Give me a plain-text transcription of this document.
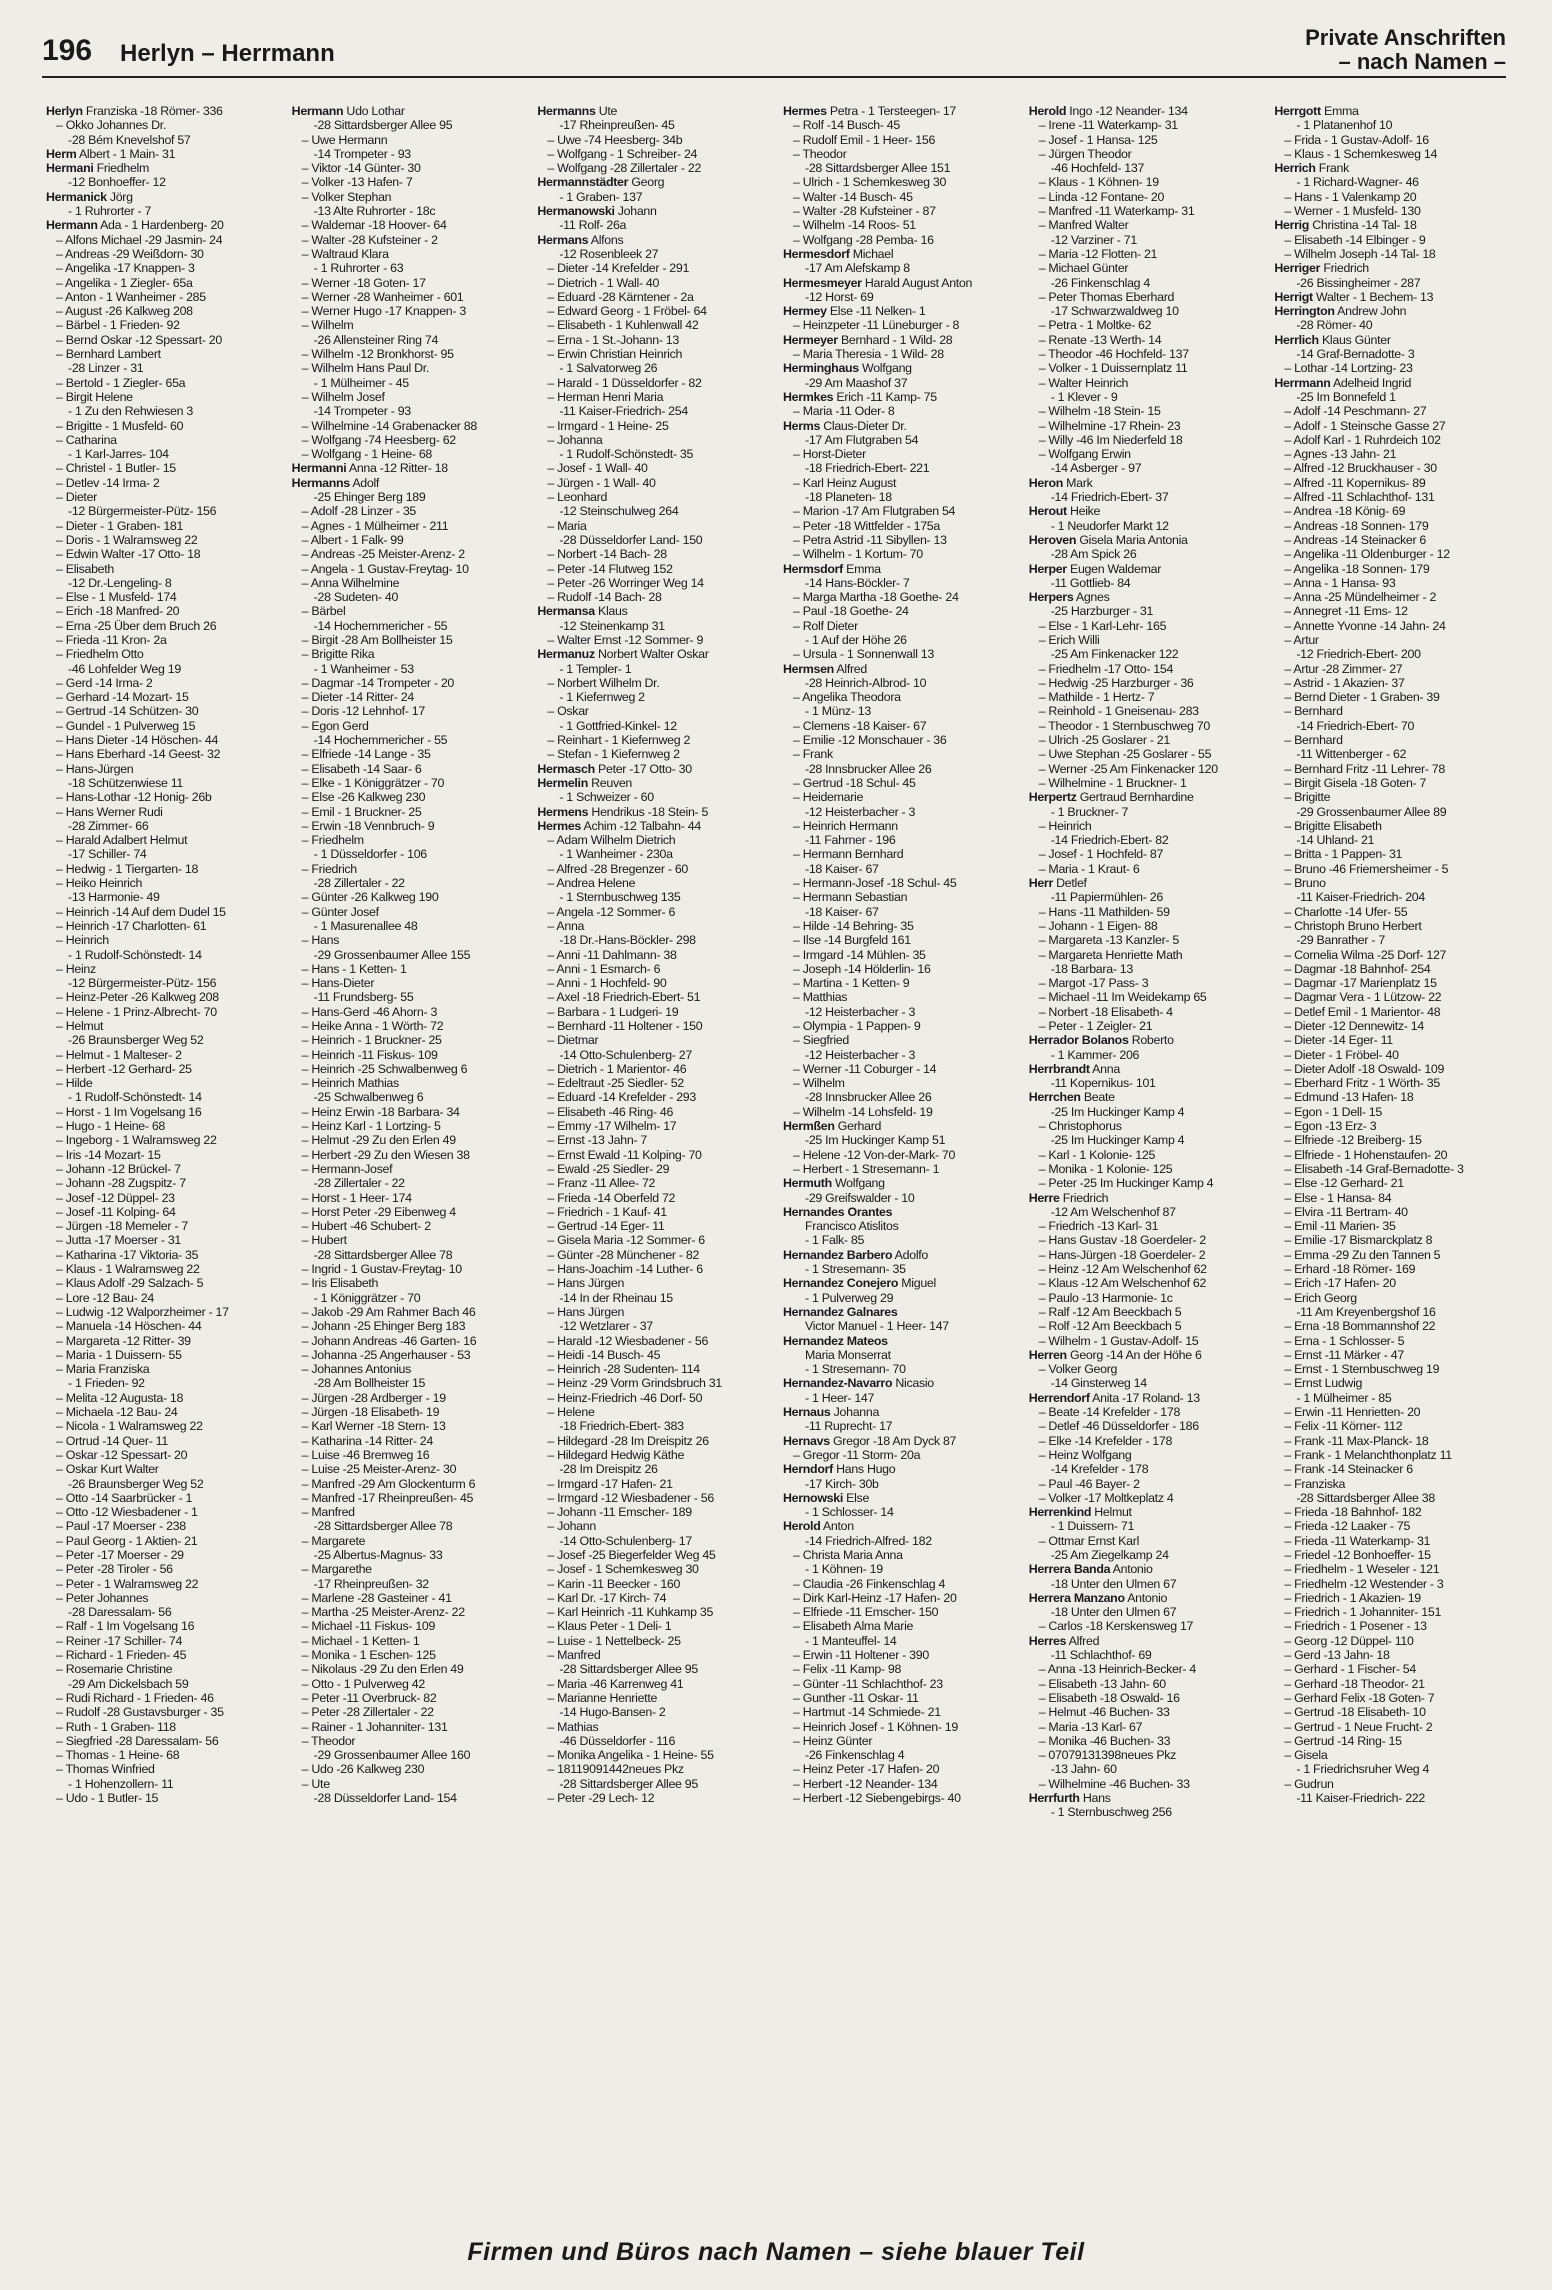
196 Herlyn – Herrmann
Private Anschriften
– nach Namen –
Herlyn Franziska -18 Römer- 336
– Okko Johannes Dr.
-28 Bém Knevelshof 57
Herm Albert - 1 Main- 31
Hermani Friedhelm
-12 Bonhoeffer- 12
Hermanick Jörg
- 1 Ruhrorter - 7
Hermann Ada - 1 Hardenberg- 20
– Alfons Michael -29 Jasmin- 24
– Andreas -29 Weißdorn- 30
– Angelika -17 Knappen- 3
– Angelika - 1 Ziegler- 65a
– Anton - 1 Wanheimer - 285
– August -26 Kalkweg 208
– Bärbel - 1 Frieden- 92
– Bernd Oskar -12 Spessart- 20
– Bernhard Lambert
-28 Linzer - 31
– Bertold - 1 Ziegler- 65a
– Birgit Helene
- 1 Zu den Rehwiesen 3
– Brigitte - 1 Musfeld- 60
– Catharina
- 1 Karl-Jarres- 104
– Christel - 1 Butler- 15
– Detlev -14 Irma- 2
– Dieter
-12 Bürgermeister-Pütz- 156
– Dieter - 1 Graben- 181
– Doris - 1 Walramsweg 22
– Edwin Walter -17 Otto- 18
– Elisabeth
-12 Dr.-Lengeling- 8
– Else - 1 Musfeld- 174
– Erich -18 Manfred- 20
– Erna -25 Über dem Bruch 26
– Frieda -11 Kron- 2a
– Friedhelm Otto
-46 Lohfelder Weg 19
– Gerd -14 Irma- 2
– Gerhard -14 Mozart- 15
– Gertrud -14 Schützen- 30
– Gundel - 1 Pulverweg 15
– Hans Dieter -14 Höschen- 44
– Hans Eberhard -14 Geest- 32
– Hans-Jürgen
-18 Schützenwiese 11
– Hans-Lothar -12 Honig- 26b
– Hans Werner Rudi
-28 Zimmer- 66
– Harald Adalbert Helmut
-17 Schiller- 74
– Hedwig - 1 Tiergarten- 18
– Heiko Heinrich
-13 Harmonie- 49
– Heinrich -14 Auf dem Dudel 15
– Heinrich -17 Charlotten- 61
– Heinrich
- 1 Rudolf-Schönstedt- 14
– Heinz
-12 Bürgermeister-Pütz- 156
– Heinz-Peter -26 Kalkweg 208
– Helene - 1 Prinz-Albrecht- 70
– Helmut
-26 Braunsberger Weg 52
– Helmut - 1 Malteser- 2
– Herbert -12 Gerhard- 25
– Hilde
- 1 Rudolf-Schönstedt- 14
– Horst - 1 Im Vogelsang 16
– Hugo - 1 Heine- 68
– Ingeborg - 1 Walramsweg 22
– Iris -14 Mozart- 15
– Johann -12 Brückel- 7
– Johann -28 Zugspitz- 7
– Josef -12 Düppel- 23
– Josef -11 Kolping- 64
– Jürgen -18 Memeler - 7
– Jutta -17 Moerser - 31
– Katharina -17 Viktoria- 35
– Klaus - 1 Walramsweg 22
– Klaus Adolf -29 Salzach- 5
– Lore -12 Bau- 24
– Ludwig -12 Walporzheimer - 17
– Manuela -14 Höschen- 44
– Margareta -12 Ritter- 39
– Maria - 1 Duissern- 55
– Maria Franziska
- 1 Frieden- 92
– Melita -12 Augusta- 18
– Michaela -12 Bau- 24
– Nicola - 1 Walramsweg 22
– Ortrud -14 Quer- 11
– Oskar -12 Spessart- 20
– Oskar Kurt Walter
-26 Braunsberger Weg 52
– Otto -14 Saarbrücker - 1
– Otto -12 Wiesbadener - 1
– Paul -17 Moerser - 238
– Paul Georg - 1 Aktien- 21
– Peter -17 Moerser - 29
– Peter -28 Tiroler - 56
– Peter - 1 Walramsweg 22
– Peter Johannes
-28 Daressalam- 56
– Ralf - 1 Im Vogelsang 16
– Reiner -17 Schiller- 74
– Richard - 1 Frieden- 45
– Rosemarie Christine
-29 Am Dickelsbach 59
– Rudi Richard - 1 Frieden- 46
– Rudolf -28 Gustavsburger - 35
– Ruth - 1 Graben- 118
– Siegfried -28 Daressalam- 56
– Thomas - 1 Heine- 68
– Thomas Winfried
- 1 Hohenzollern- 11
– Udo - 1 Butler- 15
Hermann Udo Lothar
-28 Sittardsberger Allee 95
– Uwe Hermann
-14 Trompeter - 93
– Viktor -14 Günter- 30
– Volker -13 Hafen- 7
– Volker Stephan
-13 Alte Ruhrorter - 18c
– Waldemar -18 Hoover- 64
– Walter -28 Kufsteiner - 2
– Waltraud Klara
- 1 Ruhrorter - 63
– Werner -18 Goten- 17
– Werner -28 Wanheimer - 601
– Werner Hugo -17 Knappen- 3
– Wilhelm
-26 Allensteiner Ring 74
– Wilhelm -12 Bronkhorst- 95
– Wilhelm Hans Paul Dr.
- 1 Mülheimer - 45
– Wilhelm Josef
-14 Trompeter - 93
– Wilhelmine -14 Grabenacker 88
– Wolfgang -74 Heesberg- 62
– Wolfgang - 1 Heine- 68
Hermanni Anna -12 Ritter- 18
Hermanns Adolf
-25 Ehinger Berg 189
– Adolf -28 Linzer - 35
– Agnes - 1 Mülheimer - 211
– Albert - 1 Falk- 99
– Andreas -25 Meister-Arenz- 2
– Angela - 1 Gustav-Freytag- 10
– Anna Wilhelmine
-28 Sudeten- 40
– Bärbel
-14 Hochemmericher - 55
– Birgit -28 Am Bollheister 15
– Brigitte Rika
- 1 Wanheimer - 53
– Dagmar -14 Trompeter - 20
– Dieter -14 Ritter- 24
– Doris -12 Lehnhof- 17
– Egon Gerd
-14 Hochemmericher - 55
– Elfriede -14 Lange - 35
– Elisabeth -14 Saar- 6
– Elke - 1 Königgrätzer - 70
– Else -26 Kalkweg 230
– Emil - 1 Bruckner- 25
– Erwin -18 Vennbruch- 9
– Friedhelm
- 1 Düsseldorfer - 106
– Friedrich
-28 Zillertaler - 22
– Günter -26 Kalkweg 190
– Günter Josef
- 1 Masurenallee 48
– Hans
-29 Grossenbaumer Allee 155
– Hans - 1 Ketten- 1
– Hans-Dieter
-11 Frundsberg- 55
– Hans-Gerd -46 Ahorn- 3
– Heike Anna - 1 Wörth- 72
– Heinrich - 1 Bruckner- 25
– Heinrich -11 Fiskus- 109
– Heinrich -25 Schwalbenweg 6
– Heinrich Mathias
-25 Schwalbenweg 6
– Heinz Erwin -18 Barbara- 34
– Heinz Karl - 1 Lortzing- 5
– Helmut -29 Zu den Erlen 49
– Herbert -29 Zu den Wiesen 38
– Hermann-Josef
-28 Zillertaler - 22
– Horst - 1 Heer- 174
– Horst Peter -29 Eibenweg 4
– Hubert -46 Schubert- 2
– Hubert
-28 Sittardsberger Allee 78
– Ingrid - 1 Gustav-Freytag- 10
– Iris Elisabeth
- 1 Königgrätzer - 70
– Jakob -29 Am Rahmer Bach 46
– Johann -25 Ehinger Berg 183
– Johann Andreas -46 Garten- 16
– Johanna -25 Angerhauser - 53
– Johannes Antonius
-28 Am Bollheister 15
– Jürgen -28 Ardberger - 19
– Jürgen -18 Elisabeth- 19
– Karl Werner -18 Stern- 13
– Katharina -14 Ritter- 24
– Luise -46 Bremweg 16
– Luise -25 Meister-Arenz- 30
– Manfred -29 Am Glockenturm 6
– Manfred -17 Rheinpreußen- 45
– Manfred
-28 Sittardsberger Allee 78
– Margarete
-25 Albertus-Magnus- 33
– Margarethe
-17 Rheinpreußen- 32
– Marlene -28 Gasteiner - 41
– Martha -25 Meister-Arenz- 22
– Michael -11 Fiskus- 109
– Michael - 1 Ketten- 1
– Monika - 1 Eschen- 125
– Nikolaus -29 Zu den Erlen 49
– Otto - 1 Pulverweg 42
– Peter -11 Overbruck- 82
– Peter -28 Zillertaler - 22
– Rainer - 1 Johanniter- 131
– Theodor
-29 Grossenbaumer Allee 160
– Udo -26 Kalkweg 230
– Ute
-28 Düsseldorfer Land- 154
Hermanns Ute
-17 Rheinpreußen- 45
– Uwe -74 Heesberg- 34b
– Wolfgang - 1 Schreiber- 24
– Wolfgang -28 Zillertaler - 22
Hermannstädter Georg
- 1 Graben- 137
Hermanowski Johann
-11 Rolf- 26a
Hermans Alfons
-12 Rosenbleek 27
– Dieter -14 Krefelder - 291
– Dietrich - 1 Wall- 40
– Eduard -28 Kärntener - 2a
– Edward Georg - 1 Fröbel- 64
– Elisabeth - 1 Kuhlenwall 42
– Erna - 1 St.-Johann- 13
– Erwin Christian Heinrich
- 1 Salvatorweg 26
– Harald - 1 Düsseldorfer - 82
– Herman Henri Maria
-11 Kaiser-Friedrich- 254
– Irmgard - 1 Heine- 25
– Johanna
- 1 Rudolf-Schönstedt- 35
– Josef - 1 Wall- 40
– Jürgen - 1 Wall- 40
– Leonhard
-12 Steinschulweg 264
– Maria
-28 Düsseldorfer Land- 150
– Norbert -14 Bach- 28
– Peter -14 Flutweg 152
– Peter -26 Worringer Weg 14
– Rudolf -14 Bach- 28
Hermansa Klaus
-12 Steinenkamp 31
– Walter Ernst -12 Sommer- 9
Hermanuz Norbert Walter Oskar
- 1 Templer- 1
– Norbert Wilhelm Dr.
- 1 Kiefernweg 2
– Oskar
- 1 Gottfried-Kinkel- 12
– Reinhart - 1 Kiefernweg 2
– Stefan - 1 Kiefernweg 2
Hermasch Peter -17 Otto- 30
Hermelin Reuven
- 1 Schweizer - 60
Hermens Hendrikus -18 Stein- 5
Hermes Achim -12 Talbahn- 44
– Adam Wilhelm Dietrich
- 1 Wanheimer - 230a
– Alfred -28 Bregenzer - 60
– Andrea Helene
- 1 Sternbuschweg 135
– Angela -12 Sommer- 6
– Anna
-18 Dr.-Hans-Böckler- 298
– Anni -11 Dahlmann- 38
– Anni - 1 Esmarch- 6
– Anni - 1 Hochfeld- 90
– Axel -18 Friedrich-Ebert- 51
– Barbara - 1 Ludgeri- 19
– Bernhard -11 Holtener - 150
– Dietmar
-14 Otto-Schulenberg- 27
– Dietrich - 1 Marientor- 46
– Edeltraut -25 Siedler- 52
– Eduard -14 Krefelder - 293
– Elisabeth -46 Ring- 46
– Emmy -17 Wilhelm- 17
– Ernst -13 Jahn- 7
– Ernst Ewald -11 Kolping- 70
– Ewald -25 Siedler- 29
– Franz -11 Allee- 72
– Frieda -14 Oberfeld 72
– Friedrich - 1 Kauf- 41
– Gertrud -14 Eger- 11
– Gisela Maria -12 Sommer- 6
– Günter -28 Münchener - 82
– Hans-Joachim -14 Luther- 6
– Hans Jürgen
-14 In der Rheinau 15
– Hans Jürgen
-12 Wetzlarer - 37
– Harald -12 Wiesbadener - 56
– Heidi -14 Busch- 45
– Heinrich -28 Sudenten- 114
– Heinz -29 Vorm Grindsbruch 31
– Heinz-Friedrich -46 Dorf- 50
– Helene
-18 Friedrich-Ebert- 383
– Hildegard -28 Im Dreispitz 26
– Hildegard Hedwig Käthe
-28 Im Dreispitz 26
– Irmgard -17 Hafen- 21
– Irmgard -12 Wiesbadener - 56
– Johann -11 Emscher- 189
– Johann
-14 Otto-Schulenberg- 17
– Josef -25 Biegerfelder Weg 45
– Josef - 1 Schemkesweg 30
– Karin -11 Beecker - 160
– Karl Dr. -17 Kirch- 74
– Karl Heinrich -11 Kuhkamp 35
– Klaus Peter - 1 Deli- 1
– Luise - 1 Nettelbeck- 25
– Manfred
-28 Sittardsberger Allee 95
– Maria -46 Karrenweg 41
– Marianne Henriette
-14 Hugo-Bansen- 2
– Mathias
-46 Düsseldorfer - 116
– Monika Angelika - 1 Heine- 55
– 18119091442neues Pkz
-28 Sittardsberger Allee 95
– Peter -29 Lech- 12
Hermes Petra - 1 Tersteegen- 17
– Rolf -14 Busch- 45
– Rudolf Emil - 1 Heer- 156
– Theodor
-28 Sittardsberger Allee 151
– Ulrich - 1 Schemkesweg 30
– Walter -14 Busch- 45
– Walter -28 Kufsteiner - 87
– Wilhelm -14 Roos- 51
– Wolfgang -28 Pemba- 16
Hermesdorf Michael
-17 Am Alefskamp 8
Hermesmeyer Harald August Anton
-12 Horst- 69
Hermey Else -11 Nelken- 1
– Heinzpeter -11 Lüneburger - 8
Hermeyer Bernhard - 1 Wild- 28
– Maria Theresia - 1 Wild- 28
Herminghaus Wolfgang
-29 Am Maashof 37
Hermkes Erich -11 Kamp- 75
– Maria -11 Oder- 8
Herms Claus-Dieter Dr.
-17 Am Flutgraben 54
– Horst-Dieter
-18 Friedrich-Ebert- 221
– Karl Heinz August
-18 Planeten- 18
– Marion -17 Am Flutgraben 54
– Peter -18 Wittfelder - 175a
– Petra Astrid -11 Sibyllen- 13
– Wilhelm - 1 Kortum- 70
Hermsdorf Emma
-14 Hans-Böckler- 7
– Marga Martha -18 Goethe- 24
– Paul -18 Goethe- 24
– Rolf Dieter
- 1 Auf der Höhe 26
– Ursula - 1 Sonnenwall 13
Hermsen Alfred
-28 Heinrich-Albrod- 10
– Angelika Theodora
- 1 Münz- 13
– Clemens -18 Kaiser- 67
– Emilie -12 Monschauer - 36
– Frank
-28 Innsbrucker Allee 26
– Gertrud -18 Schul- 45
– Heidemarie
-12 Heisterbacher - 3
– Heinrich Hermann
-11 Fahrner - 196
– Hermann Bernhard
-18 Kaiser- 67
– Hermann-Josef -18 Schul- 45
– Hermann Sebastian
-18 Kaiser- 67
– Hilde -14 Behring- 35
– Ilse -14 Burgfeld 161
– Irmgard -14 Mühlen- 35
– Joseph -14 Hölderlin- 16
– Martina - 1 Ketten- 9
– Matthias
-12 Heisterbacher - 3
– Olympia - 1 Pappen- 9
– Siegfried
-12 Heisterbacher - 3
– Werner -11 Coburger - 14
– Wilhelm
-28 Innsbrucker Allee 26
– Wilhelm -14 Lohsfeld- 19
Hermßen Gerhard
-25 Im Huckinger Kamp 51
– Helene -12 Von-der-Mark- 70
– Herbert - 1 Stresemann- 1
Hermuth Wolfgang
-29 Greifswalder - 10
Hernandes Orantes
Francisco Atislitos
- 1 Falk- 85
Hernandez Barbero Adolfo
- 1 Stresemann- 35
Hernandez Conejero Miguel
- 1 Pulverweg 29
Hernandez Galnares
Victor Manuel - 1 Heer- 147
Hernandez Mateos
Maria Monserrat
- 1 Stresemann- 70
Hernandez-Navarro Nicasio
- 1 Heer- 147
Hernaus Johanna
-11 Ruprecht- 17
Hernavs Gregor -18 Am Dyck 87
– Gregor -11 Storm- 20a
Herndorf Hans Hugo
-17 Kirch- 30b
Hernowski Else
- 1 Schlosser- 14
Herold Anton
-14 Friedrich-Alfred- 182
– Christa Maria Anna
- 1 Köhnen- 19
– Claudia -26 Finkenschlag 4
– Dirk Karl-Heinz -17 Hafen- 20
– Elfriede -11 Emscher- 150
– Elisabeth Alma Marie
- 1 Manteuffel- 14
– Erwin -11 Holtener - 390
– Felix -11 Kamp- 98
– Günter -11 Schlachthof- 23
– Gunther -11 Oskar- 11
– Hartmut -14 Schmiede- 21
– Heinrich Josef - 1 Köhnen- 19
– Heinz Günter
-26 Finkenschlag 4
– Heinz Peter -17 Hafen- 20
– Herbert -12 Neander- 134
– Herbert -12 Siebengebirgs- 40
Herold Ingo -12 Neander- 134
– Irene -11 Waterkamp- 31
– Josef - 1 Hansa- 125
– Jürgen Theodor
-46 Hochfeld- 137
– Klaus - 1 Köhnen- 19
– Linda -12 Fontane- 20
– Manfred -11 Waterkamp- 31
– Manfred Walter
-12 Varziner - 71
– Maria -12 Flotten- 21
– Michael Günter
-26 Finkenschlag 4
– Peter Thomas Eberhard
-17 Schwarzwaldweg 10
– Petra - 1 Moltke- 62
– Renate -13 Werth- 14
– Theodor -46 Hochfeld- 137
– Volker - 1 Duissernplatz 11
– Walter Heinrich
- 1 Klever - 9
– Wilhelm -18 Stein- 15
– Wilhelmine -17 Rhein- 23
– Willy -46 Im Niederfeld 18
– Wolfgang Erwin
-14 Asberger - 97
Heron Mark
-14 Friedrich-Ebert- 37
Herout Heike
- 1 Neudorfer Markt 12
Heroven Gisela Maria Antonia
-28 Am Spick 26
Herper Eugen Waldemar
-11 Gottlieb- 84
Herpers Agnes
-25 Harzburger - 31
– Else - 1 Karl-Lehr- 165
– Erich Willi
-25 Am Finkenacker 122
– Friedhelm -17 Otto- 154
– Hedwig -25 Harzburger - 36
– Mathilde - 1 Hertz- 7
– Reinhold - 1 Gneisenau- 283
– Theodor - 1 Sternbuschweg 70
– Ulrich -25 Goslarer - 21
– Uwe Stephan -25 Goslarer - 55
– Werner -25 Am Finkenacker 120
– Wilhelmine - 1 Bruckner- 1
Herpertz Gertraud Bernhardine
- 1 Bruckner- 7
– Heinrich
-14 Friedrich-Ebert- 82
– Josef - 1 Hochfeld- 87
– Maria - 1 Kraut- 6
Herr Detlef
-11 Papiermühlen- 26
– Hans -11 Mathilden- 59
– Johann - 1 Eigen- 88
– Margareta -13 Kanzler- 5
– Margareta Henriette Math
-18 Barbara- 13
– Margot -17 Pass- 3
– Michael -11 Im Weidekamp 65
– Norbert -18 Elisabeth- 4
– Peter - 1 Zeigler- 21
Herrador Bolanos Roberto
- 1 Kammer- 206
Herrbrandt Anna
-11 Kopernikus- 101
Herrchen Beate
-25 Im Huckinger Kamp 4
– Christophorus
-25 Im Huckinger Kamp 4
– Karl - 1 Kolonie- 125
– Monika - 1 Kolonie- 125
– Peter -25 Im Huckinger Kamp 4
Herre Friedrich
-12 Am Welschenhof 87
– Friedrich -13 Karl- 31
– Hans Gustav -18 Goerdeler- 2
– Hans-Jürgen -18 Goerdeler- 2
– Heinz -12 Am Welschenhof 62
– Klaus -12 Am Welschenhof 62
– Paulo -13 Harmonie- 1c
– Ralf -12 Am Beeckbach 5
– Rolf -12 Am Beeckbach 5
– Wilhelm - 1 Gustav-Adolf- 15
Herren Georg -14 An der Höhe 6
– Volker Georg
-14 Ginsterweg 14
Herrendorf Anita -17 Roland- 13
– Beate -14 Krefelder - 178
– Detlef -46 Düsseldorfer - 186
– Elke -14 Krefelder - 178
– Heinz Wolfgang
-14 Krefelder - 178
– Paul -46 Bayer- 2
– Volker -17 Moltkeplatz 4
Herrenkind Helmut
- 1 Duissern- 71
– Ottmar Ernst Karl
-25 Am Ziegelkamp 24
Herrera Banda Antonio
-18 Unter den Ulmen 67
Herrera Manzano Antonio
-18 Unter den Ulmen 67
– Carlos -18 Kerskensweg 17
Herres Alfred
-11 Schlachthof- 69
– Anna -13 Heinrich-Becker- 4
– Elisabeth -13 Jahn- 60
– Elisabeth -18 Oswald- 16
– Helmut -46 Buchen- 33
– Maria -13 Karl- 67
– Monika -46 Buchen- 33
– 07079131398neues Pkz
-13 Jahn- 60
– Wilhelmine -46 Buchen- 33
Herrfurth Hans
- 1 Sternbuschweg 256
Herrgott Emma
- 1 Platanenhof 10
– Frida - 1 Gustav-Adolf- 16
– Klaus - 1 Schemkesweg 14
Herrich Frank
- 1 Richard-Wagner- 46
– Hans - 1 Valenkamp 20
– Werner - 1 Musfeld- 130
Herrig Christina -14 Tal- 18
– Elisabeth -14 Elbinger - 9
– Wilhelm Joseph -14 Tal- 18
Herriger Friedrich
-26 Bissingheimer - 287
Herrigt Walter - 1 Bechem- 13
Herrington Andrew John
-28 Römer- 40
Herrlich Klaus Günter
-14 Graf-Bernadotte- 3
– Lothar -14 Lortzing- 23
Herrmann Adelheid Ingrid
-25 Im Bonnefeld 1
– Adolf -14 Peschmann- 27
– Adolf - 1 Steinsche Gasse 27
– Adolf Karl - 1 Ruhrdeich 102
– Agnes -13 Jahn- 21
– Alfred -12 Bruckhauser - 30
– Alfred -11 Kopernikus- 89
– Alfred -11 Schlachthof- 131
– Andrea -18 König- 69
– Andreas -18 Sonnen- 179
– Andreas -14 Steinacker 6
– Angelika -11 Oldenburger - 12
– Angelika -18 Sonnen- 179
– Anna - 1 Hansa- 93
– Anna -25 Mündelheimer - 2
– Annegret -11 Ems- 12
– Annette Yvonne -14 Jahn- 24
– Artur
-12 Friedrich-Ebert- 200
– Artur -28 Zimmer- 27
– Astrid - 1 Akazien- 37
– Bernd Dieter - 1 Graben- 39
– Bernhard
-14 Friedrich-Ebert- 70
– Bernhard
-11 Wittenberger - 62
– Bernhard Fritz -11 Lehrer- 78
– Birgit Gisela -18 Goten- 7
– Brigitte
-29 Grossenbaumer Allee 89
– Brigitte Elisabeth
-14 Uhland- 21
– Britta - 1 Pappen- 31
– Bruno -46 Friemersheimer - 5
– Bruno
-11 Kaiser-Friedrich- 204
– Charlotte -14 Ufer- 55
– Christoph Bruno Herbert
-29 Banrather - 7
– Cornelia Wilma -25 Dorf- 127
– Dagmar -18 Bahnhof- 254
– Dagmar -17 Marienplatz 15
– Dagmar Vera - 1 Lützow- 22
– Detlef Emil - 1 Marientor- 48
– Dieter -12 Dennewitz- 14
– Dieter -14 Eger- 11
– Dieter - 1 Fröbel- 40
– Dieter Adolf -18 Oswald- 109
– Eberhard Fritz - 1 Wörth- 35
– Edmund -13 Hafen- 18
– Egon - 1 Dell- 15
– Egon -13 Erz- 3
– Elfriede -12 Breiberg- 15
– Elfriede - 1 Hohenstaufen- 20
– Elisabeth -14 Graf-Bernadotte- 3
– Else -12 Gerhard- 21
– Else - 1 Hansa- 84
– Elvira -11 Bertram- 40
– Emil -11 Marien- 35
– Emilie -17 Bismarckplatz 8
– Emma -29 Zu den Tannen 5
– Erhard -18 Römer- 169
– Erich -17 Hafen- 20
– Erich Georg
-11 Am Kreyenbergshof 16
– Erna -18 Bommannshof 22
– Erna - 1 Schlosser- 5
– Ernst -11 Märker - 47
– Ernst - 1 Sternbuschweg 19
– Ernst Ludwig
- 1 Mülheimer - 85
– Erwin -11 Henrietten- 20
– Felix -11 Körner- 112
– Frank -11 Max-Planck- 18
– Frank - 1 Melanchthonplatz 11
– Frank -14 Steinacker 6
– Franziska
-28 Sittardsberger Allee 38
– Frieda -18 Bahnhof- 182
– Frieda -12 Laaker - 75
– Frieda -11 Waterkamp- 31
– Friedel -12 Bonhoeffer- 15
– Friedhelm - 1 Weseler - 121
– Friedhelm -12 Westender - 3
– Friedrich - 1 Akazien- 19
– Friedrich - 1 Johanniter- 151
– Friedrich - 1 Posener - 13
– Georg -12 Düppel- 110
– Gerd -13 Jahn- 18
– Gerhard - 1 Fischer- 54
– Gerhard -18 Theodor- 21
– Gerhard Felix -18 Goten- 7
– Gertrud -18 Elisabeth- 10
– Gertrud - 1 Neue Frucht- 2
– Gertrud -14 Ring- 15
– Gisela
- 1 Friedrichsruher Weg 4
– Gudrun
-11 Kaiser-Friedrich- 222
Firmen und Büros nach Namen – siehe blauer Teil
